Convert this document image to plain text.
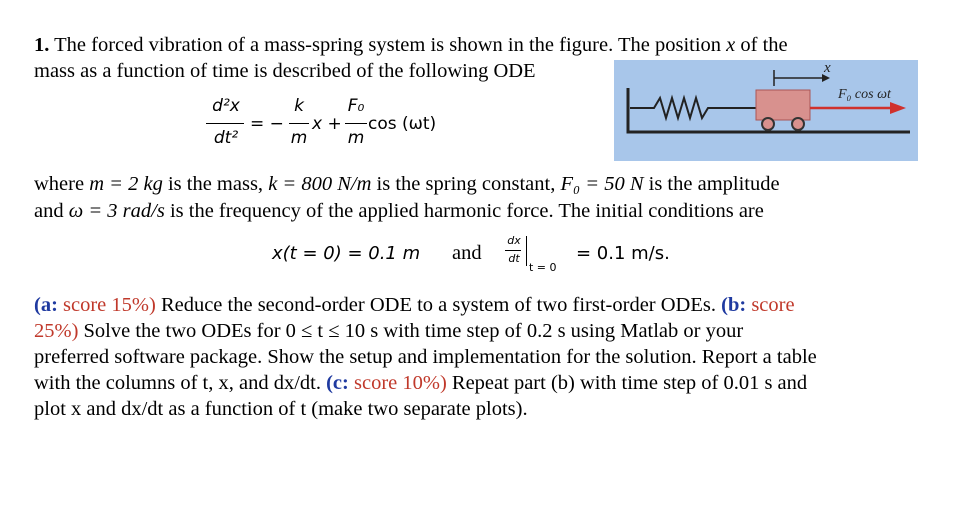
1. The forced vibration of a mass-spring system is shown in the figure. The position x of the
mass as a function of time is described of the following ODE
d²x
dt²
= −
k
m
x +
F₀
m
cos (ωt)
x
F₀ cos ωt
where m = 2 kg is the mass, k = 800 N/m is the spring constant, F₀ = 50 N is the amplitude
and ω = 3 rad/s is the frequency of the applied harmonic force. The initial conditions are
x(t = 0) = 0.1 m and
dx
dt
t = 0
= 0.1 m/s.
(a: score 15%) Reduce the second-order ODE to a system of two first-order ODEs. (b: score
25%) Solve the two ODEs for 0 ≤ t ≤ 10 s with time step of 0.2 s using Matlab or your
preferred software package. Show the setup and implementation for the solution. Report a table
with the columns of t, x, and dx/dt. (c: score 10%) Repeat part (b) with time step of 0.01 s and
plot x and dx/dt as a function of t (make two separate plots).
